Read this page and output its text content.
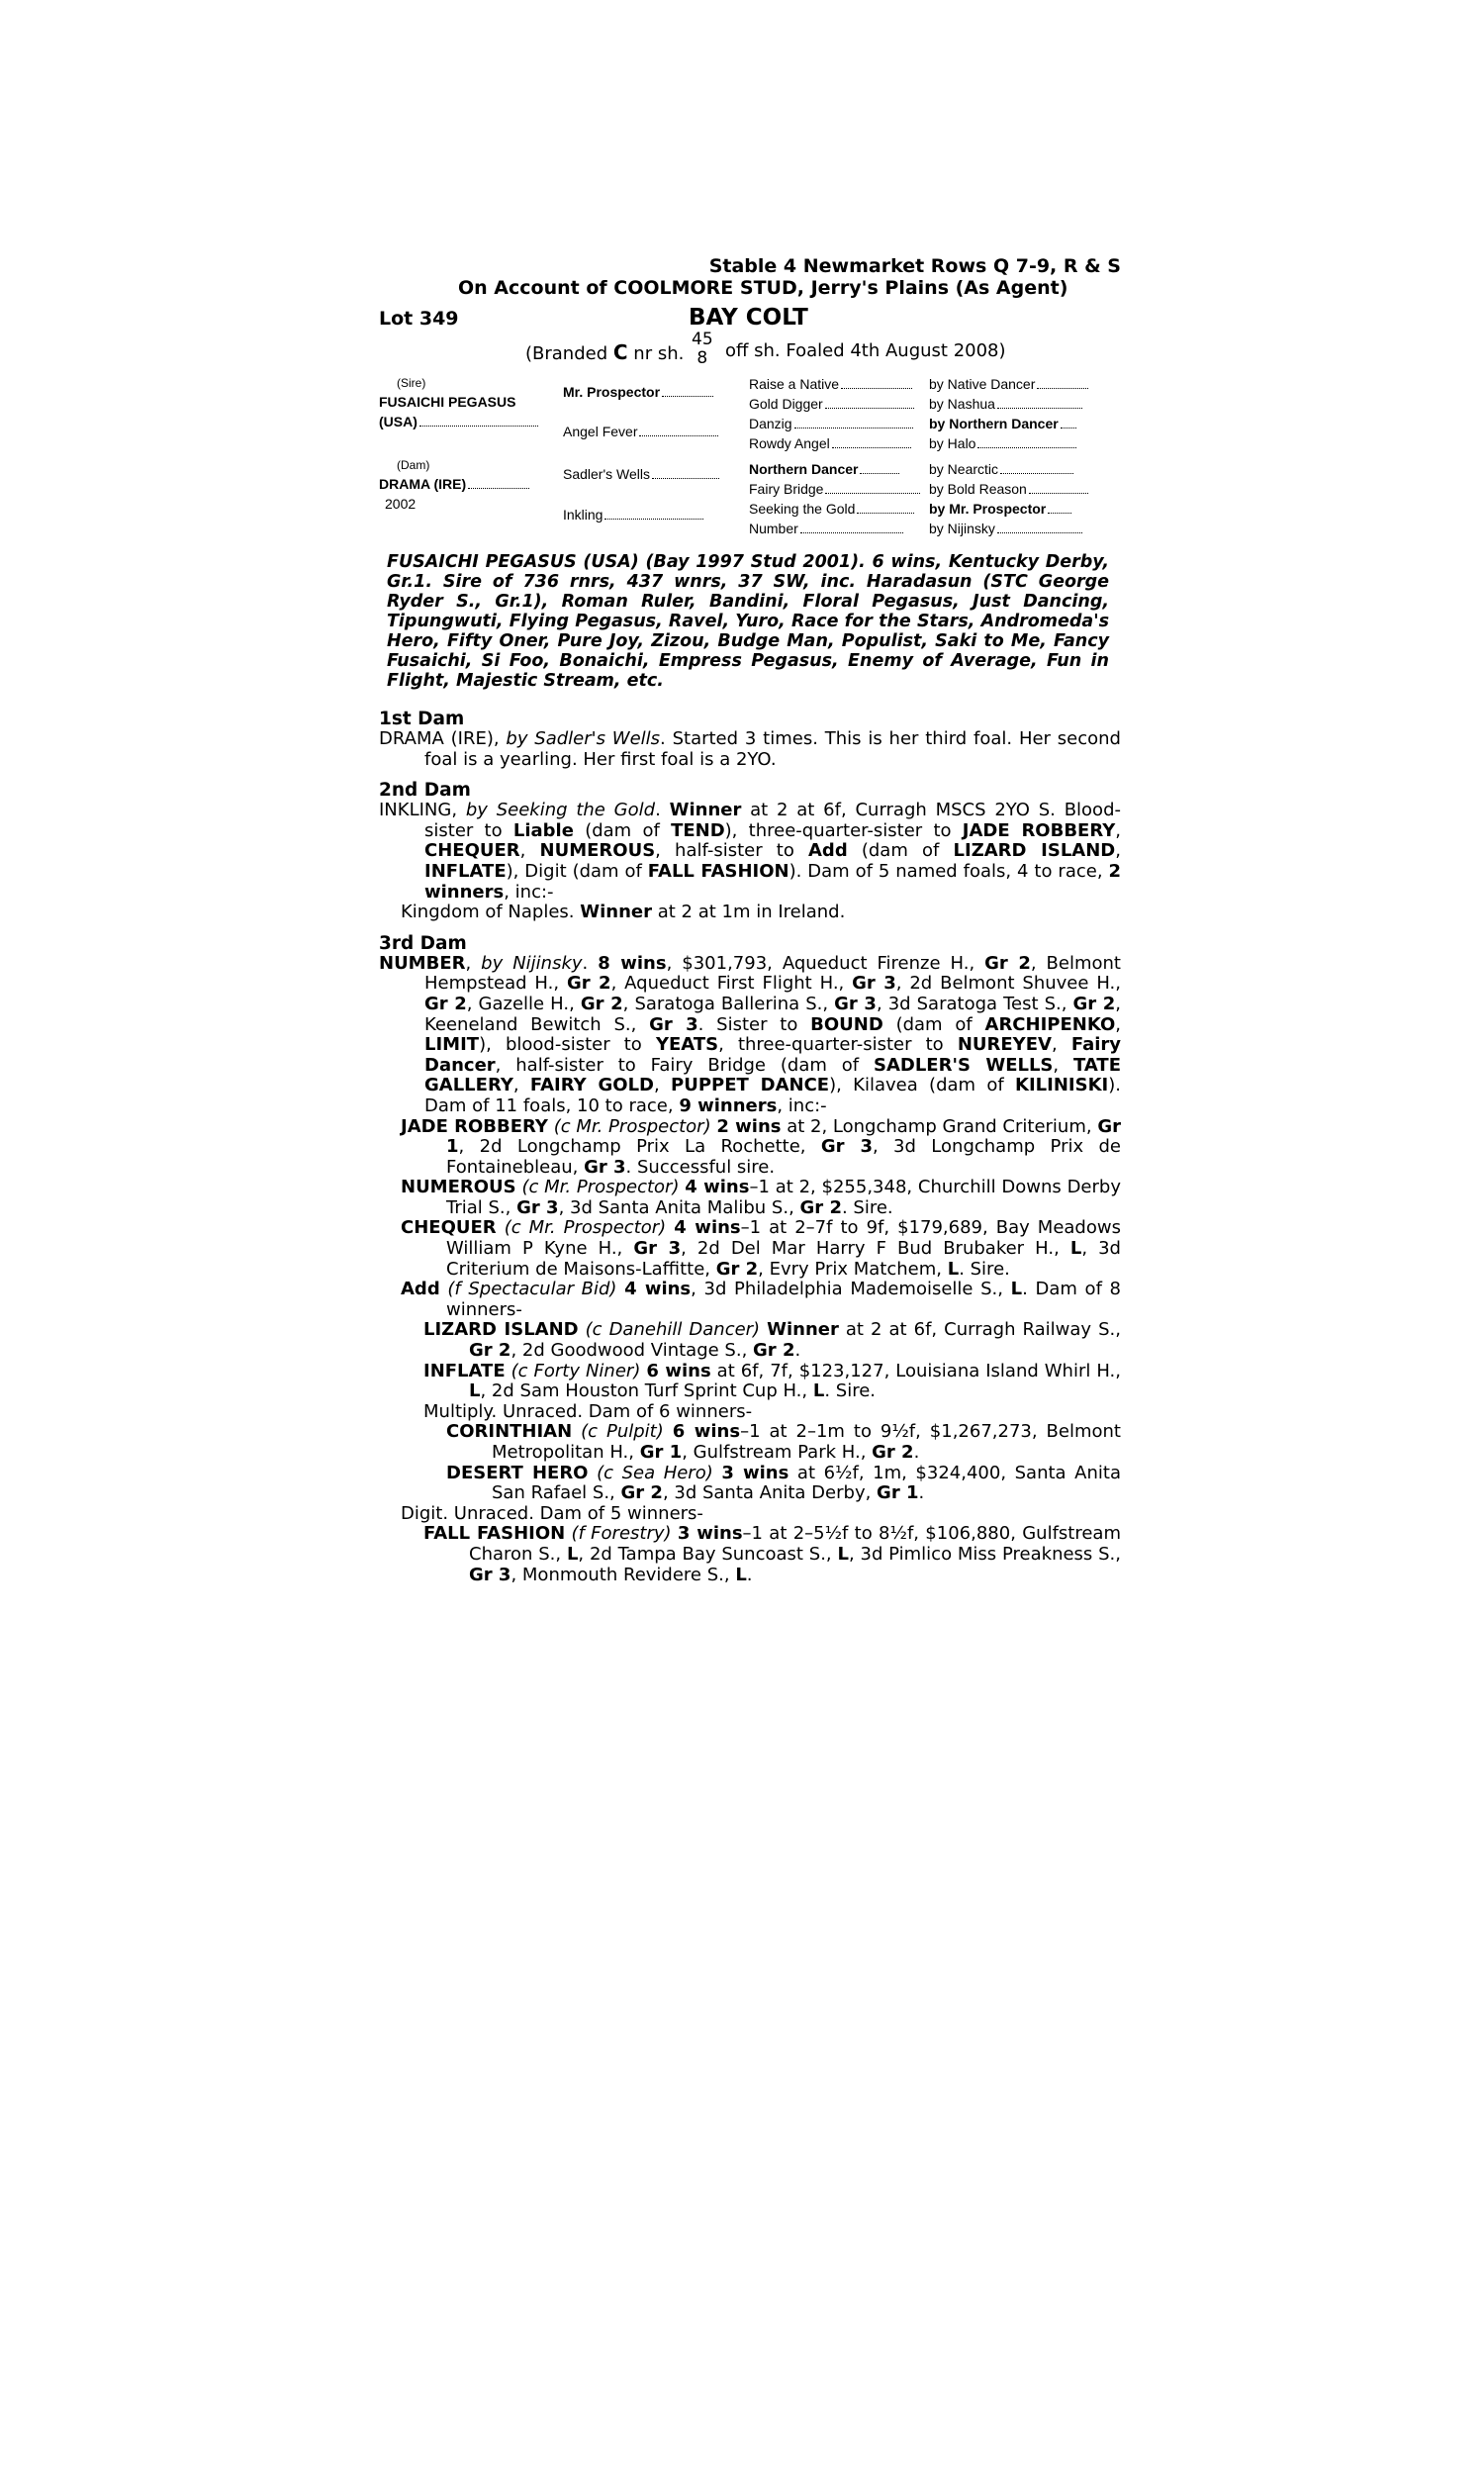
Stable 4 Newmarket Rows Q 7-9, R & S
On Account of COOLMORE STUD, Jerry's Plains (As Agent)
Lot 349	BAY COLT
(Branded C nr sh.
45
8 off sh. Foaled 4th August 2008)
(Sire)
FUSAICHI PEGASUS
(USA)
(Dam)
DRAMA (IRE)
2002
Mr. Prospector
Angel Fever
Sadler's Wells
Inkling
Raise a Native
Gold Digger
Danzig
Rowdy Angel
Northern Dancer
Fairy Bridge
Seeking the Gold
Number
by Native Dancer
by Nashua
by Northern Dancer
by Halo
by Nearctic
by Bold Reason
by Mr. Prospector
by Nijinsky
FUSAICHI PEGASUS (USA) (Bay 1997 Stud 2001). 6 wins, Kentucky Derby, Gr.1. Sire of 736 rnrs, 437 wnrs, 37 SW, inc. Haradasun (STC George Ryder S., Gr.1), Roman Ruler, Bandini, Floral Pegasus, Just Dancing, Tipungwuti, Flying Pegasus, Ravel, Yuro, Race for the Stars, Andromeda's Hero, Fifty Oner, Pure Joy, Zizou, Budge Man, Populist, Saki to Me, Fancy Fusaichi, Si Foo, Bonaichi, Empress Pegasus, Enemy of Average, Fun in Flight, Majestic Stream, etc.
1st Dam
DRAMA (IRE), by Sadler's Wells. Started 3 times. This is her third foal. Her second foal is a yearling. Her first foal is a 2YO.
2nd Dam
INKLING, by Seeking the Gold. Winner at 2 at 6f, Curragh MSCS 2YO S. Blood-sister to Liable (dam of TEND), three-quarter-sister to JADE ROBBERY, CHEQUER, NUMEROUS, half-sister to Add (dam of LIZARD ISLAND, INFLATE), Digit (dam of FALL FASHION). Dam of 5 named foals, 4 to race, 2 winners, inc:-
Kingdom of Naples. Winner at 2 at 1m in Ireland.
3rd Dam
NUMBER, by Nijinsky. 8 wins, $301,793, Aqueduct Firenze H., Gr 2, Belmont Hempstead H., Gr 2, Aqueduct First Flight H., Gr 3, 2d Belmont Shuvee H., Gr 2, Gazelle H., Gr 2, Saratoga Ballerina S., Gr 3, 3d Saratoga Test S., Gr 2, Keeneland Bewitch S., Gr 3. Sister to BOUND (dam of ARCHIPENKO, LIMIT), blood-sister to YEATS, three-quarter-sister to NUREYEV, Fairy Dancer, half-sister to Fairy Bridge (dam of SADLER'S WELLS, TATE GALLERY, FAIRY GOLD, PUPPET DANCE), Kilavea (dam of KILINISKI). Dam of 11 foals, 10 to race, 9 winners, inc:-
JADE ROBBERY (c Mr. Prospector) 2 wins at 2, Longchamp Grand Criterium, Gr 1, 2d Longchamp Prix La Rochette, Gr 3, 3d Longchamp Prix de Fontainebleau, Gr 3. Successful sire.
NUMEROUS (c Mr. Prospector) 4 wins–1 at 2, $255,348, Churchill Downs Derby Trial S., Gr 3, 3d Santa Anita Malibu S., Gr 2. Sire.
CHEQUER (c Mr. Prospector) 4 wins–1 at 2–7f to 9f, $179,689, Bay Meadows William P Kyne H., Gr 3, 2d Del Mar Harry F Bud Brubaker H., L, 3d Criterium de Maisons-Laffitte, Gr 2, Evry Prix Matchem, L. Sire.
Add (f Spectacular Bid) 4 wins, 3d Philadelphia Mademoiselle S., L. Dam of 8 winners-
LIZARD ISLAND (c Danehill Dancer) Winner at 2 at 6f, Curragh Railway S., Gr 2, 2d Goodwood Vintage S., Gr 2.
INFLATE (c Forty Niner) 6 wins at 6f, 7f, $123,127, Louisiana Island Whirl H., L, 2d Sam Houston Turf Sprint Cup H., L. Sire.
Multiply. Unraced. Dam of 6 winners-
CORINTHIAN (c Pulpit) 6 wins–1 at 2–1m to 9½f, $1,267,273, Belmont Metropolitan H., Gr 1, Gulfstream Park H., Gr 2.
DESERT HERO (c Sea Hero) 3 wins at 6½f, 1m, $324,400, Santa Anita San Rafael S., Gr 2, 3d Santa Anita Derby, Gr 1.
Digit. Unraced. Dam of 5 winners-
FALL FASHION (f Forestry) 3 wins–1 at 2–5½f to 8½f, $106,880, Gulfstream Charon S., L, 2d Tampa Bay Suncoast S., L, 3d Pimlico Miss Preakness S., Gr 3, Monmouth Revidere S., L.
